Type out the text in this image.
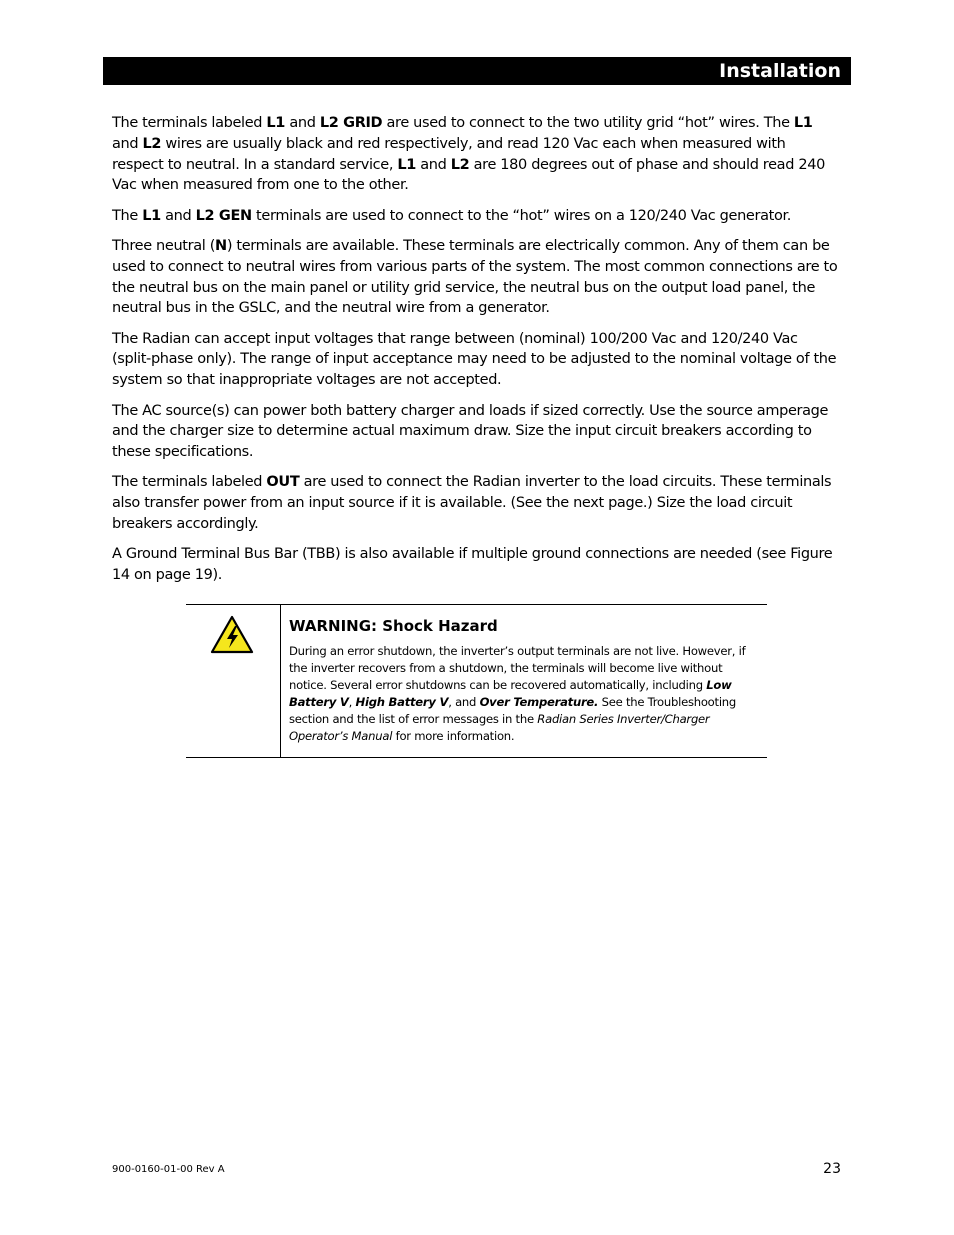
Installation

The terminals labeled L1 and L2 GRID are used to connect to the two utility grid “hot” wires. The L1 and L2 wires are usually black and red respectively, and read 120 Vac each when measured with respect to neutral. In a standard service, L1 and L2 are 180 degrees out of phase and should read 240 Vac when measured from one to the other.

The L1 and L2 GEN terminals are used to connect to the “hot” wires on a 120/240 Vac generator.

Three neutral (N) terminals are available. These terminals are electrically common. Any of them can be used to connect to neutral wires from various parts of the system. The most common connections are to the neutral bus on the main panel or utility grid service, the neutral bus on the output load panel, the neutral bus in the GSLC, and the neutral wire from a generator.

The Radian can accept input voltages that range between (nominal) 100/200 Vac and 120/240 Vac (split-phase only). The range of input acceptance may need to be adjusted to the nominal voltage of the system so that inappropriate voltages are not accepted.

The AC source(s) can power both battery charger and loads if sized correctly. Use the source amperage and the charger size to determine actual maximum draw. Size the input circuit breakers according to these specifications.

The terminals labeled OUT are used to connect the Radian inverter to the load circuits. These terminals also transfer power from an input source if it is available. (See the next page.) Size the load circuit breakers accordingly.

A Ground Terminal Bus Bar (TBB) is also available if multiple ground connections are needed (see Figure 14 on page 19).

WARNING: Shock Hazard

During an error shutdown, the inverter’s output terminals are not live. However, if the inverter recovers from a shutdown, the terminals will become live without notice. Several error shutdowns can be recovered automatically, including Low Battery V, High Battery V, and Over Temperature. See the Troubleshooting section and the list of error messages in the Radian Series Inverter/Charger Operator’s Manual for more information.

900-0160-01-00 Rev A	23
